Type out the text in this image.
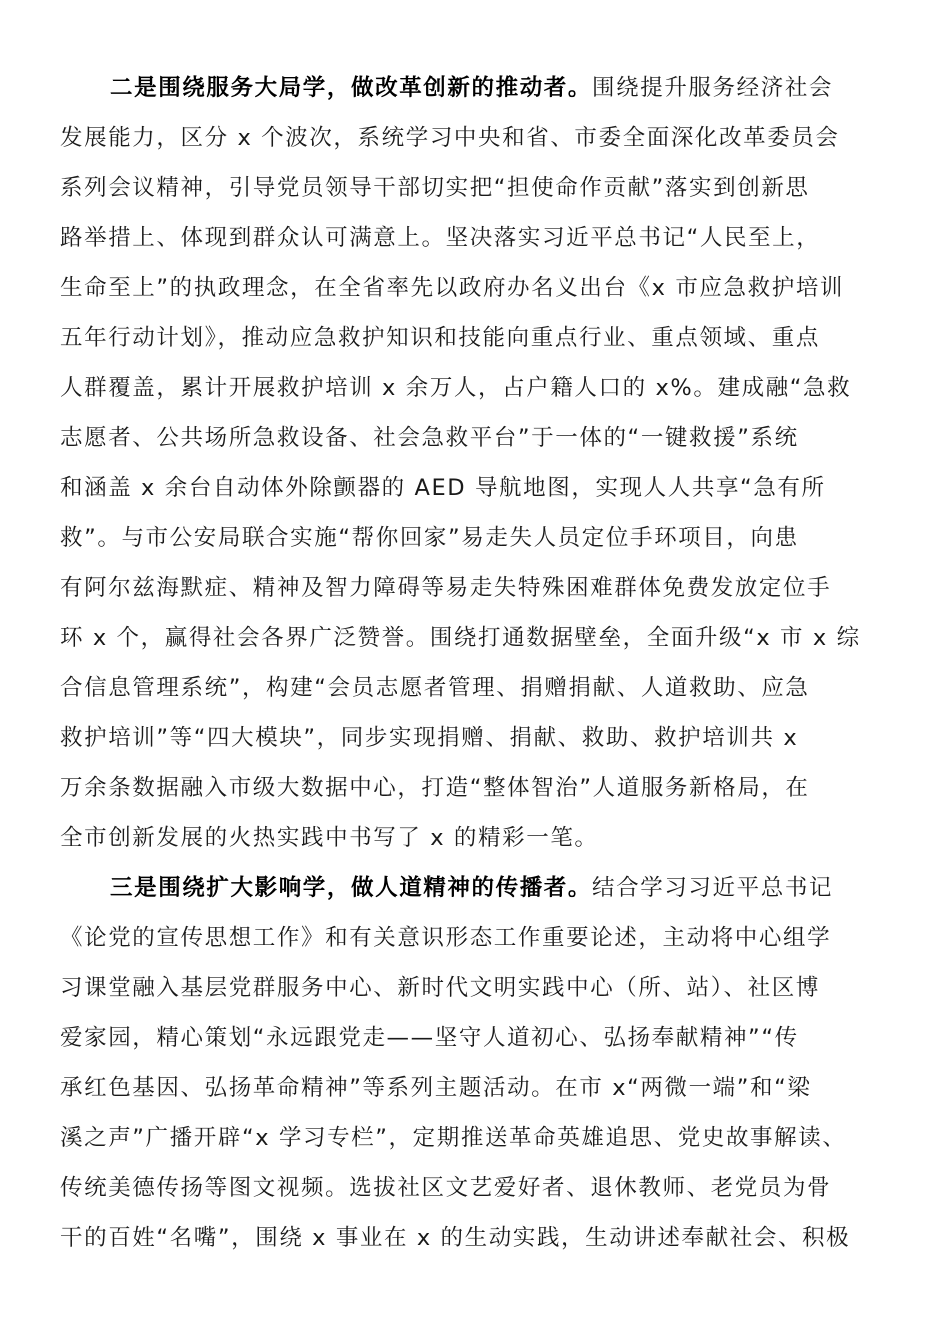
二是围绕服务大局学，做改革创新的推动者。围绕提升服务经济社会
发展能力，区分 x 个波次，系统学习中央和省、市委全面深化改革委员会
系列会议精神，引导党员领导干部切实把“担使命作贡献”落实到创新思
路举措上、体现到群众认可满意上。坚决落实习近平总书记“人民至上，
生命至上”的执政理念，在全省率先以政府办名义出台《x 市应急救护培训
五年行动计划》，推动应急救护知识和技能向重点行业、重点领域、重点
人群覆盖，累计开展救护培训 x 余万人，占户籍人口的 x%。建成融“急救
志愿者、公共场所急救设备、社会急救平台”于一体的“一键救援”系统
和涵盖 x 余台自动体外除颤器的 AED 导航地图，实现人人共享“急有所
救”。与市公安局联合实施“帮你回家”易走失人员定位手环项目，向患
有阿尔兹海默症、精神及智力障碍等易走失特殊困难群体免费发放定位手
环 x 个，赢得社会各界广泛赞誉。围绕打通数据壁垒，全面升级“x 市 x 综
合信息管理系统”，构建“会员志愿者管理、捐赠捐献、人道救助、应急
救护培训”等“四大模块”，同步实现捐赠、捐献、救助、救护培训共 x
万余条数据融入市级大数据中心，打造“整体智治”人道服务新格局，在
全市创新发展的火热实践中书写了 x 的精彩一笔。
三是围绕扩大影响学，做人道精神的传播者。结合学习习近平总书记
《论党的宣传思想工作》和有关意识形态工作重要论述，主动将中心组学
习课堂融入基层党群服务中心、新时代文明实践中心（所、站）、社区博
爱家园，精心策划“永远跟党走——坚守人道初心、弘扬奉献精神”“传
承红色基因、弘扬革命精神”等系列主题活动。在市 x“两微一端”和“梁
溪之声”广播开辟“x 学习专栏”，定期推送革命英雄追思、党史故事解读、
传统美德传扬等图文视频。选拔社区文艺爱好者、退休教师、老党员为骨
干的百姓“名嘴”，围绕 x 事业在 x 的生动实践，生动讲述奉献社会、积极
